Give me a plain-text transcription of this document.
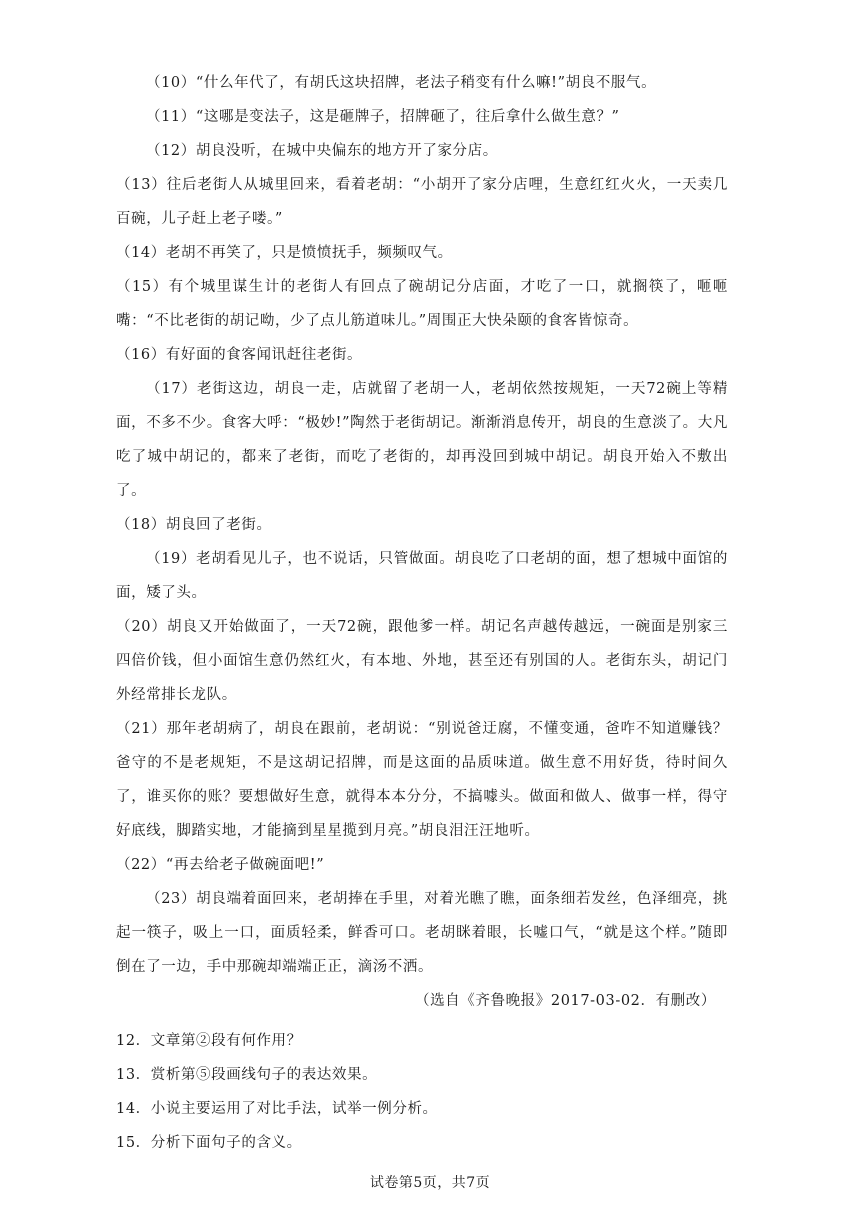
（10）“什么年代了，有胡氏这块招牌，老法子稍变有什么嘛!”胡良不服气。

（11）“这哪是变法子，这是砸牌子，招牌砸了，往后拿什么做生意？”

（12）胡良没听，在城中央偏东的地方开了家分店。

（13）往后老街人从城里回来，看着老胡：“小胡开了家分店哩，生意红红火火，一天卖几百碗，儿子赶上老子喽。”

（14）老胡不再笑了，只是愤愤抚手，频频叹气。

（15）有个城里谋生计的老街人有回点了碗胡记分店面，才吃了一口，就搁筷了，咂咂嘴：“不比老街的胡记呦，少了点儿筋道味儿。”周围正大快朵颐的食客皆惊奇。

（16）有好面的食客闻讯赶往老街。

（17）老街这边，胡良一走，店就留了老胡一人，老胡依然按规矩，一天72碗上等精面，不多不少。食客大呼：“极妙!”陶然于老街胡记。渐渐消息传开，胡良的生意淡了。大凡吃了城中胡记的，都来了老街，而吃了老街的，却再没回到城中胡记。胡良开始入不敷出了。

（18）胡良回了老街。

（19）老胡看见儿子，也不说话，只管做面。胡良吃了口老胡的面，想了想城中面馆的面，矮了头。

（20）胡良又开始做面了，一天72碗，跟他爹一样。胡记名声越传越远，一碗面是别家三四倍价钱，但小面馆生意仍然红火，有本地、外地，甚至还有别国的人。老街东头，胡记门外经常排长龙队。

（21）那年老胡病了，胡良在跟前，老胡说：“别说爸迂腐，不懂变通，爸咋不知道赚钱？爸守的不是老规矩，不是这胡记招牌，而是这面的品质味道。做生意不用好货，待时间久了，谁买你的账？要想做好生意，就得本本分分，不搞噱头。做面和做人、做事一样，得守好底线，脚踏实地，才能摘到星星揽到月亮。”胡良泪汪汪地听。

（22）“再去给老子做碗面吧!”

（23）胡良端着面回来，老胡捧在手里，对着光瞧了瞧，面条细若发丝，色泽细亮，挑起一筷子，吸上一口，面质轻柔，鲜香可口。老胡眯着眼，长嘘口气，“就是这个样。”随即倒在了一边，手中那碗却端端正正，滴汤不洒。

（选自《齐鲁晚报》2017-03-02．有删改）

12．文章第②段有何作用？

13．赏析第⑤段画线句子的表达效果。

14．小说主要运用了对比手法，试举一例分析。

15．分析下面句子的含义。

试卷第5页，共7页
